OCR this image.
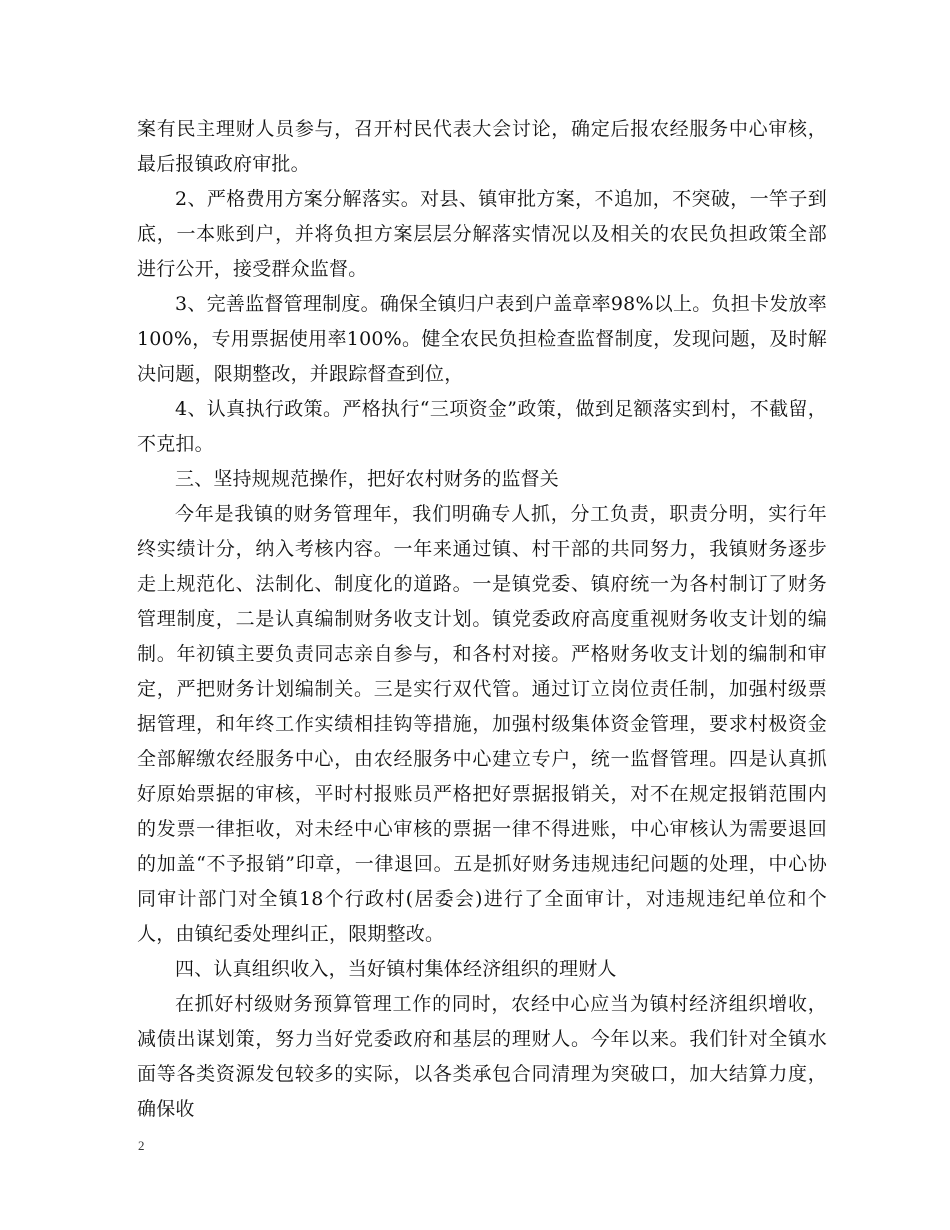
案有民主理财人员参与，召开村民代表大会讨论，确定后报农经服务中心审核，最后报镇政府审批。

2、严格费用方案分解落实。对县、镇审批方案，不追加，不突破，一竿子到底，一本账到户，并将负担方案层层分解落实情况以及相关的农民负担政策全部进行公开，接受群众监督。

3、完善监督管理制度。确保全镇归户表到户盖章率98%以上。负担卡发放率100%，专用票据使用率100%。健全农民负担检查监督制度，发现问题，及时解决问题，限期整改，并跟踪督查到位，

4、认真执行政策。严格执行“三项资金”政策，做到足额落实到村，不截留，不克扣。

三、坚持规规范操作，把好农村财务的监督关

今年是我镇的财务管理年，我们明确专人抓，分工负责，职责分明，实行年终实绩计分，纳入考核内容。一年来通过镇、村干部的共同努力，我镇财务逐步走上规范化、法制化、制度化的道路。一是镇党委、镇府统一为各村制订了财务管理制度，二是认真编制财务收支计划。镇党委政府高度重视财务收支计划的编制。年初镇主要负责同志亲自参与，和各村对接。严格财务收支计划的编制和审定，严把财务计划编制关。三是实行双代管。通过订立岗位责任制，加强村级票据管理，和年终工作实绩相挂钩等措施，加强村级集体资金管理，要求村极资金全部解缴农经服务中心，由农经服务中心建立专户，统一监督管理。四是认真抓好原始票据的审核，平时村报账员严格把好票据报销关，对不在规定报销范围内的发票一律拒收，对未经中心审核的票据一律不得进账，中心审核认为需要退回的加盖“不予报销”印章，一律退回。五是抓好财务违规违纪问题的处理，中心协同审计部门对全镇18个行政村(居委会)进行了全面审计，对违规违纪单位和个人，由镇纪委处理纠正，限期整改。

四、认真组织收入，当好镇村集体经济组织的理财人

在抓好村级财务预算管理工作的同时，农经中心应当为镇村经济组织增收，减债出谋划策，努力当好党委政府和基层的理财人。今年以来。我们针对全镇水面等各类资源发包较多的实际，以各类承包合同清理为突破口，加大结算力度，确保收

2
